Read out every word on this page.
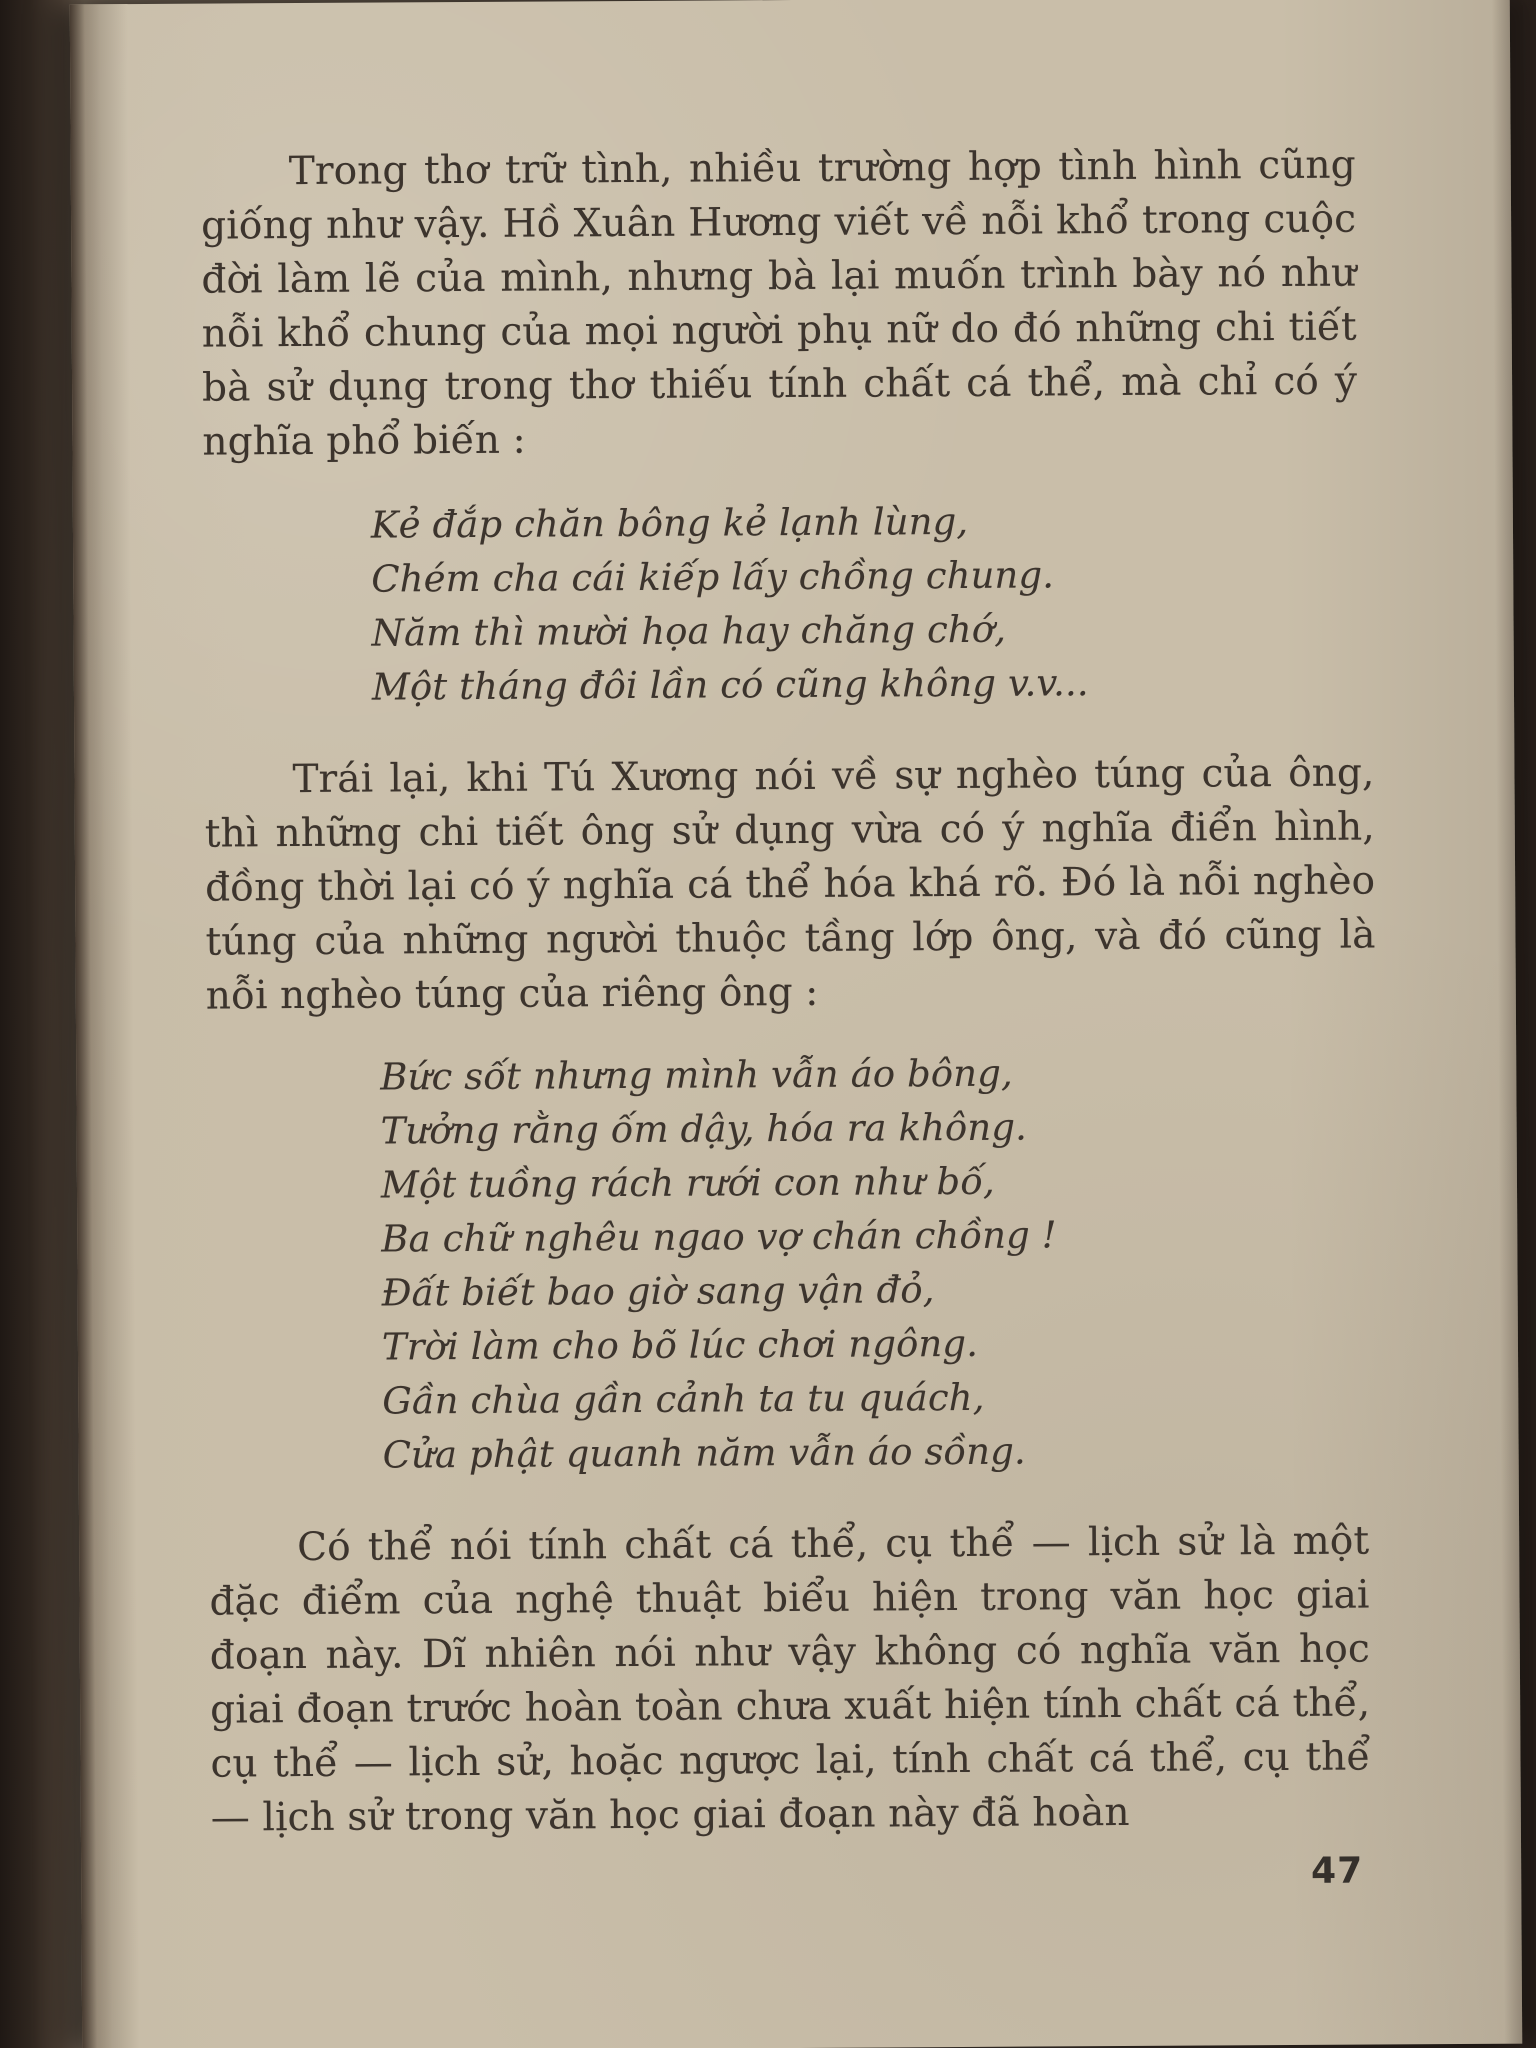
Trong thơ trữ tình, nhiều trường hợp tình hình cũng giống như vậy. Hồ Xuân Hương viết về nỗi khổ trong cuộc đời làm lẽ của mình, nhưng bà lại muốn trình bày nó như nỗi khổ chung của mọi người phụ nữ do đó những chi tiết bà sử dụng trong thơ thiếu tính chất cá thể, mà chỉ có ý nghĩa phổ biến :

Kẻ đắp chăn bông kẻ lạnh lùng,
Chém cha cái kiếp lấy chồng chung.
Năm thì mười họa hay chăng chớ,
Một tháng đôi lần có cũng không v.v...

Trái lại, khi Tú Xương nói về sự nghèo túng của ông, thì những chi tiết ông sử dụng vừa có ý nghĩa điển hình, đồng thời lại có ý nghĩa cá thể hóa khá rõ. Đó là nỗi nghèo túng của những người thuộc tầng lớp ông, và đó cũng là nỗi nghèo túng của riêng ông :

Bức sốt nhưng mình vẫn áo bông,
Tưởng rằng ốm dậy, hóa ra không.
Một tuồng rách rưới con như bố,
Ba chữ nghêu ngao vợ chán chồng !
Đất biết bao giờ sang vận đỏ,
Trời làm cho bõ lúc chơi ngông.
Gần chùa gần cảnh ta tu quách,
Cửa phật quanh năm vẫn áo sồng.

Có thể nói tính chất cá thể, cụ thể — lịch sử là một đặc điểm của nghệ thuật biểu hiện trong văn học giai đoạn này. Dĩ nhiên nói như vậy không có nghĩa văn học giai đoạn trước hoàn toàn chưa xuất hiện tính chất cá thể, cụ thể — lịch sử, hoặc ngược lại, tính chất cá thể, cụ thể — lịch sử trong văn học giai đoạn này đã hoàn

47
